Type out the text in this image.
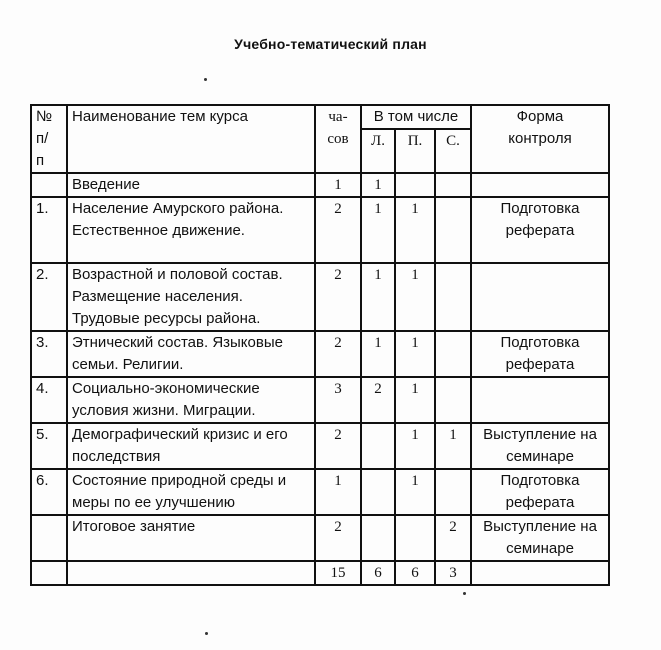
Учебно-тематический план
№ п/ п	Наименование тем курса	ча-сов	В том числе			Форма контроля

			Л.	П.	С.	
	Введение	1	1			
1.	Население Амурского района. Естественное движение.	2	1	1		Подготовка реферата
2.	Возрастной и половой состав. Размещение населения. Трудовые ресурсы района.	2	1	1		
3.	Этнический состав. Языковые семьи. Религии.	2	1	1		Подготовка реферата
4.	Социально-экономические условия жизни. Миграции.	3	2	1		
5.	Демографический кризис и его последствия	2		1	1	Выступление на семинаре
6.	Состояние природной среды и меры по ее улучшению	1		1		Подготовка реферата
	Итоговое занятие	2			2	Выступление на семинаре
		15	6	6	3	
